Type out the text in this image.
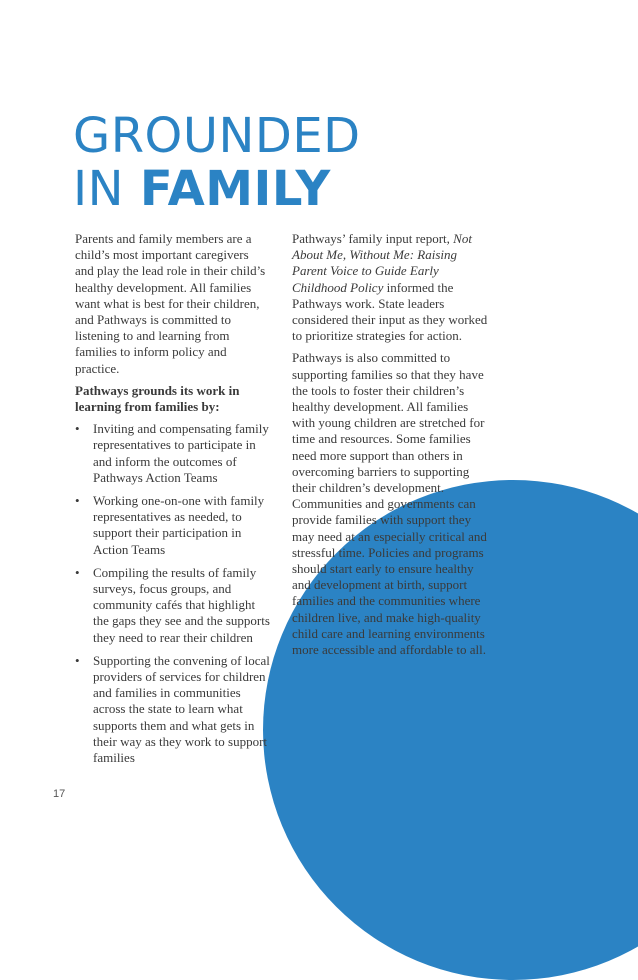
GROUNDED
IN FAMILY

Parents and family members are a child’s most important caregivers and play the lead role in their child’s healthy development. All families want what is best for their children, and Pathways is committed to listening to and learning from families to inform policy and practice.

Pathways grounds its work in learning from families by:

• Inviting and compensating family representatives to participate in and inform the outcomes of Pathways Action Teams
• Working one-on-one with family representatives as needed, to support their participation in Action Teams
• Compiling the results of family surveys, focus groups, and community cafés that highlight the gaps they see and the supports they need to rear their children
• Supporting the convening of local providers of services for children and families in communities across the state to learn what supports them and what gets in their way as they work to support families

Pathways’ family input report, Not About Me, Without Me: Raising Parent Voice to Guide Early Childhood Policy informed the Pathways work. State leaders considered their input as they worked to prioritize strategies for action.

Pathways is also committed to supporting families so that they have the tools to foster their children’s healthy development. All families with young children are stretched for time and resources. Some families need more support than others in overcoming barriers to supporting their children’s development. Communities and governments can provide families with support they may need at an especially critical and stressful time. Policies and programs should start early to ensure healthy and development at birth, support families and the communities where children live, and make high-quality child care and learning environments more accessible and affordable to all.

17
